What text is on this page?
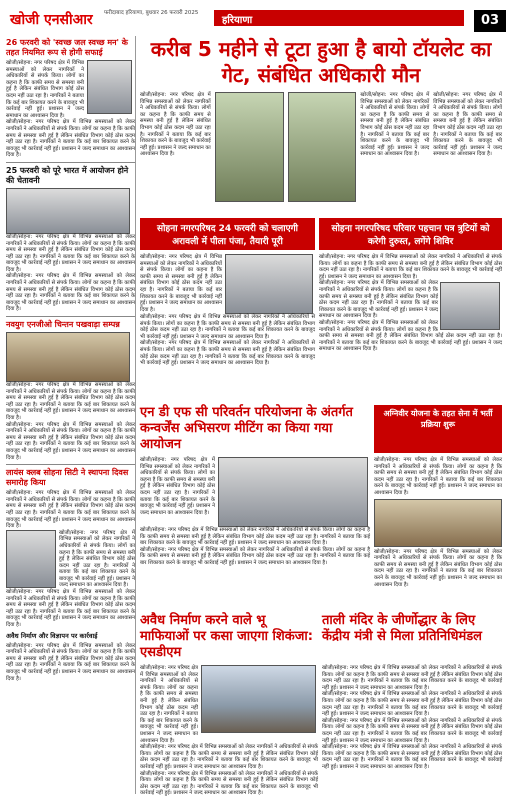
खोजी एनसीआर फरीदाबाद हरियाणा, बुधवार 26 फरवरी 2025
हरियाणा	03
26 फरवरी को 'स्वच्छ जल स्वच्छ मन' के तहत नियमित रूप से होगी सफाई
खोजी/सोहना: नगर परिषद क्षेत्र में विभिन्न समस्याओं को लेकर नागरिकों ने अधिकारियों से संपर्क किया। लोगों का कहना है कि काफी समय से समस्या बनी हुई है लेकिन संबंधित विभाग कोई ठोस कदम नहीं उठा रहा है। नागरिकों ने बताया कि कई बार शिकायत करने के बावजूद भी कार्रवाई नहीं हुई। प्रशासन ने जल्द समाधान का आश्वासन दिया है।
खोजी/सोहना: नगर परिषद क्षेत्र में विभिन्न समस्याओं को लेकर नागरिकों ने अधिकारियों से संपर्क किया। लोगों का कहना है कि काफी समय से समस्या बनी हुई है लेकिन संबंधित विभाग कोई ठोस कदम नहीं उठा रहा है। नागरिकों ने बताया कि कई बार शिकायत करने के बावजूद भी कार्रवाई नहीं हुई। प्रशासन ने जल्द समाधान का आश्वासन दिया है।
25 फरवरी को पूरे भारत में आयोजन होने की चेतावनी
खोजी/सोहना: नगर परिषद क्षेत्र में विभिन्न समस्याओं को लेकर नागरिकों ने अधिकारियों से संपर्क किया। लोगों का कहना है कि काफी समय से समस्या बनी हुई है लेकिन संबंधित विभाग कोई ठोस कदम नहीं उठा रहा है। नागरिकों ने बताया कि कई बार शिकायत करने के बावजूद भी कार्रवाई नहीं हुई। प्रशासन ने जल्द समाधान का आश्वासन दिया है।
खोजी/सोहना: नगर परिषद क्षेत्र में विभिन्न समस्याओं को लेकर नागरिकों ने अधिकारियों से संपर्क किया। लोगों का कहना है कि काफी समय से समस्या बनी हुई है लेकिन संबंधित विभाग कोई ठोस कदम नहीं उठा रहा है। नागरिकों ने बताया कि कई बार शिकायत करने के बावजूद भी कार्रवाई नहीं हुई। प्रशासन ने जल्द समाधान का आश्वासन दिया है।
नवयुग एनजीओ चिन्तन पखवाड़ा सम्पन्न
खोजी/सोहना: नगर परिषद क्षेत्र में विभिन्न समस्याओं को लेकर नागरिकों ने अधिकारियों से संपर्क किया। लोगों का कहना है कि काफी समय से समस्या बनी हुई है लेकिन संबंधित विभाग कोई ठोस कदम नहीं उठा रहा है। नागरिकों ने बताया कि कई बार शिकायत करने के बावजूद भी कार्रवाई नहीं हुई। प्रशासन ने जल्द समाधान का आश्वासन दिया है।
खोजी/सोहना: नगर परिषद क्षेत्र में विभिन्न समस्याओं को लेकर नागरिकों ने अधिकारियों से संपर्क किया। लोगों का कहना है कि काफी समय से समस्या बनी हुई है लेकिन संबंधित विभाग कोई ठोस कदम नहीं उठा रहा है। नागरिकों ने बताया कि कई बार शिकायत करने के बावजूद भी कार्रवाई नहीं हुई। प्रशासन ने जल्द समाधान का आश्वासन दिया है।
लायंस क्लब सोहना सिटी ने स्थापना दिवस समारोह किया
खोजी/सोहना: नगर परिषद क्षेत्र में विभिन्न समस्याओं को लेकर नागरिकों ने अधिकारियों से संपर्क किया। लोगों का कहना है कि काफी समय से समस्या बनी हुई है लेकिन संबंधित विभाग कोई ठोस कदम नहीं उठा रहा है। नागरिकों ने बताया कि कई बार शिकायत करने के बावजूद भी कार्रवाई नहीं हुई। प्रशासन ने जल्द समाधान का आश्वासन दिया है।
खोजी/सोहना: नगर परिषद क्षेत्र में विभिन्न समस्याओं को लेकर नागरिकों ने अधिकारियों से संपर्क किया। लोगों का कहना है कि काफी समय से समस्या बनी हुई है लेकिन संबंधित विभाग कोई ठोस कदम नहीं उठा रहा है। नागरिकों ने बताया कि कई बार शिकायत करने के बावजूद भी कार्रवाई नहीं हुई। प्रशासन ने जल्द समाधान का आश्वासन दिया है।
खोजी/सोहना: नगर परिषद क्षेत्र में विभिन्न समस्याओं को लेकर नागरिकों ने अधिकारियों से संपर्क किया। लोगों का कहना है कि काफी समय से समस्या बनी हुई है लेकिन संबंधित विभाग कोई ठोस कदम नहीं उठा रहा है। नागरिकों ने बताया कि कई बार शिकायत करने के बावजूद भी कार्रवाई नहीं हुई। प्रशासन ने जल्द समाधान का आश्वासन दिया है।
अवैध निर्माण और विज्ञापन पर कार्रवाई
खोजी/सोहना: नगर परिषद क्षेत्र में विभिन्न समस्याओं को लेकर नागरिकों ने अधिकारियों से संपर्क किया। लोगों का कहना है कि काफी समय से समस्या बनी हुई है लेकिन संबंधित विभाग कोई ठोस कदम नहीं उठा रहा है। नागरिकों ने बताया कि कई बार शिकायत करने के बावजूद भी कार्रवाई नहीं हुई। प्रशासन ने जल्द समाधान का आश्वासन दिया है।
करीब 5 महीने से टूटा हुआ है बायो टॉयलेट का गेट, संबंधित अधिकारी मौन
खोजी/सोहना: नगर परिषद क्षेत्र में विभिन्न समस्याओं को लेकर नागरिकों ने अधिकारियों से संपर्क किया। लोगों का कहना है कि काफी समय से समस्या बनी हुई है लेकिन संबंधित विभाग कोई ठोस कदम नहीं उठा रहा है। नागरिकों ने बताया कि कई बार शिकायत करने के बावजूद भी कार्रवाई नहीं हुई। प्रशासन ने जल्द समाधान का आश्वासन दिया है।
खोजी/सोहना: नगर परिषद क्षेत्र में विभिन्न समस्याओं को लेकर नागरिकों ने अधिकारियों से संपर्क किया। लोगों का कहना है कि काफी समय से समस्या बनी हुई है लेकिन संबंधित विभाग कोई ठोस कदम नहीं उठा रहा है। नागरिकों ने बताया कि कई बार शिकायत करने के बावजूद भी कार्रवाई नहीं हुई। प्रशासन ने जल्द समाधान का आश्वासन दिया है।
खोजी/सोहना: नगर परिषद क्षेत्र में विभिन्न समस्याओं को लेकर नागरिकों ने अधिकारियों से संपर्क किया। लोगों का कहना है कि काफी समय से समस्या बनी हुई है लेकिन संबंधित विभाग कोई ठोस कदम नहीं उठा रहा है। नागरिकों ने बताया कि कई बार शिकायत करने के बावजूद भी कार्रवाई नहीं हुई। प्रशासन ने जल्द समाधान का आश्वासन दिया है।
सोहना नगरपरिषद 24 फरवरी को चलाएगी अरावली में पीला पंजा, तैयारी पूरी
सोहना नगरपरिषद परिवार पहचान पत्र त्रुटियों को करेगी दुरुस्त, लगेंगे शिविर
खोजी/सोहना: नगर परिषद क्षेत्र में विभिन्न समस्याओं को लेकर नागरिकों ने अधिकारियों से संपर्क किया। लोगों का कहना है कि काफी समय से समस्या बनी हुई है लेकिन संबंधित विभाग कोई ठोस कदम नहीं उठा रहा है। नागरिकों ने बताया कि कई बार शिकायत करने के बावजूद भी कार्रवाई नहीं हुई। प्रशासन ने जल्द समाधान का आश्वासन दिया है।
खोजी/सोहना: नगर परिषद क्षेत्र में विभिन्न समस्याओं को लेकर नागरिकों ने अधिकारियों से संपर्क किया। लोगों का कहना है कि काफी समय से समस्या बनी हुई है लेकिन संबंधित विभाग कोई ठोस कदम नहीं उठा रहा है। नागरिकों ने बताया कि कई बार शिकायत करने के बावजूद भी कार्रवाई नहीं हुई। प्रशासन ने जल्द समाधान का आश्वासन दिया है।
खोजी/सोहना: नगर परिषद क्षेत्र में विभिन्न समस्याओं को लेकर नागरिकों ने अधिकारियों से संपर्क किया। लोगों का कहना है कि काफी समय से समस्या बनी हुई है लेकिन संबंधित विभाग कोई ठोस कदम नहीं उठा रहा है। नागरिकों ने बताया कि कई बार शिकायत करने के बावजूद भी कार्रवाई नहीं हुई। प्रशासन ने जल्द समाधान का आश्वासन दिया है।
खोजी/सोहना: नगर परिषद क्षेत्र में विभिन्न समस्याओं को लेकर नागरिकों ने अधिकारियों से संपर्क किया। लोगों का कहना है कि काफी समय से समस्या बनी हुई है लेकिन संबंधित विभाग कोई ठोस कदम नहीं उठा रहा है। नागरिकों ने बताया कि कई बार शिकायत करने के बावजूद भी कार्रवाई नहीं हुई। प्रशासन ने जल्द समाधान का आश्वासन दिया है।
खोजी/सोहना: नगर परिषद क्षेत्र में विभिन्न समस्याओं को लेकर नागरिकों ने अधिकारियों से संपर्क किया। लोगों का कहना है कि काफी समय से समस्या बनी हुई है लेकिन संबंधित विभाग कोई ठोस कदम नहीं उठा रहा है। नागरिकों ने बताया कि कई बार शिकायत करने के बावजूद भी कार्रवाई नहीं हुई। प्रशासन ने जल्द समाधान का आश्वासन दिया है।
खोजी/सोहना: नगर परिषद क्षेत्र में विभिन्न समस्याओं को लेकर नागरिकों ने अधिकारियों से संपर्क किया। लोगों का कहना है कि काफी समय से समस्या बनी हुई है लेकिन संबंधित विभाग कोई ठोस कदम नहीं उठा रहा है। नागरिकों ने बताया कि कई बार शिकायत करने के बावजूद भी कार्रवाई नहीं हुई। प्रशासन ने जल्द समाधान का आश्वासन दिया है।
एन डी एफ सी परिवर्तन परियोजना के अंतर्गत कन्वर्जेंस अभिसरण मीटिंग का किया गया आयोजन
अग्निवीर योजना के तहत सेना में भर्ती प्रक्रिया शुरू
खोजी/सोहना: नगर परिषद क्षेत्र में विभिन्न समस्याओं को लेकर नागरिकों ने अधिकारियों से संपर्क किया। लोगों का कहना है कि काफी समय से समस्या बनी हुई है लेकिन संबंधित विभाग कोई ठोस कदम नहीं उठा रहा है। नागरिकों ने बताया कि कई बार शिकायत करने के बावजूद भी कार्रवाई नहीं हुई। प्रशासन ने जल्द समाधान का आश्वासन दिया है।
खोजी/सोहना: नगर परिषद क्षेत्र में विभिन्न समस्याओं को लेकर नागरिकों ने अधिकारियों से संपर्क किया। लोगों का कहना है कि काफी समय से समस्या बनी हुई है लेकिन संबंधित विभाग कोई ठोस कदम नहीं उठा रहा है। नागरिकों ने बताया कि कई बार शिकायत करने के बावजूद भी कार्रवाई नहीं हुई। प्रशासन ने जल्द समाधान का आश्वासन दिया है।
खोजी/सोहना: नगर परिषद क्षेत्र में विभिन्न समस्याओं को लेकर नागरिकों ने अधिकारियों से संपर्क किया। लोगों का कहना है कि काफी समय से समस्या बनी हुई है लेकिन संबंधित विभाग कोई ठोस कदम नहीं उठा रहा है। नागरिकों ने बताया कि कई बार शिकायत करने के बावजूद भी कार्रवाई नहीं हुई। प्रशासन ने जल्द समाधान का आश्वासन दिया है।
खोजी/सोहना: नगर परिषद क्षेत्र में विभिन्न समस्याओं को लेकर नागरिकों ने अधिकारियों से संपर्क किया। लोगों का कहना है कि काफी समय से समस्या बनी हुई है लेकिन संबंधित विभाग कोई ठोस कदम नहीं उठा रहा है। नागरिकों ने बताया कि कई बार शिकायत करने के बावजूद भी कार्रवाई नहीं हुई। प्रशासन ने जल्द समाधान का आश्वासन दिया है।
खोजी/सोहना: नगर परिषद क्षेत्र में विभिन्न समस्याओं को लेकर नागरिकों ने अधिकारियों से संपर्क किया। लोगों का कहना है कि काफी समय से समस्या बनी हुई है लेकिन संबंधित विभाग कोई ठोस कदम नहीं उठा रहा है। नागरिकों ने बताया कि कई बार शिकायत करने के बावजूद भी कार्रवाई नहीं हुई। प्रशासन ने जल्द समाधान का आश्वासन दिया है।
अवैध निर्माण करने वाले भू माफियाओं पर कसा जाएगा शिकंजा: एसडीएम
ताली मंदिर के जीर्णोद्धार के लिए केंद्रीय मंत्री से मिला प्रतिनिधिमंडल
खोजी/सोहना: नगर परिषद क्षेत्र में विभिन्न समस्याओं को लेकर नागरिकों ने अधिकारियों से संपर्क किया। लोगों का कहना है कि काफी समय से समस्या बनी हुई है लेकिन संबंधित विभाग कोई ठोस कदम नहीं उठा रहा है। नागरिकों ने बताया कि कई बार शिकायत करने के बावजूद भी कार्रवाई नहीं हुई। प्रशासन ने जल्द समाधान का आश्वासन दिया है।
खोजी/सोहना: नगर परिषद क्षेत्र में विभिन्न समस्याओं को लेकर नागरिकों ने अधिकारियों से संपर्क किया। लोगों का कहना है कि काफी समय से समस्या बनी हुई है लेकिन संबंधित विभाग कोई ठोस कदम नहीं उठा रहा है। नागरिकों ने बताया कि कई बार शिकायत करने के बावजूद भी कार्रवाई नहीं हुई। प्रशासन ने जल्द समाधान का आश्वासन दिया है।
खोजी/सोहना: नगर परिषद क्षेत्र में विभिन्न समस्याओं को लेकर नागरिकों ने अधिकारियों से संपर्क किया। लोगों का कहना है कि काफी समय से समस्या बनी हुई है लेकिन संबंधित विभाग कोई ठोस कदम नहीं उठा रहा है। नागरिकों ने बताया कि कई बार शिकायत करने के बावजूद भी कार्रवाई नहीं हुई। प्रशासन ने जल्द समाधान का आश्वासन दिया है।
खोजी/सोहना: नगर परिषद क्षेत्र में विभिन्न समस्याओं को लेकर नागरिकों ने अधिकारियों से संपर्क किया। लोगों का कहना है कि काफी समय से समस्या बनी हुई है लेकिन संबंधित विभाग कोई ठोस कदम नहीं उठा रहा है। नागरिकों ने बताया कि कई बार शिकायत करने के बावजूद भी कार्रवाई नहीं हुई। प्रशासन ने जल्द समाधान का आश्वासन दिया है।
खोजी/सोहना: नगर परिषद क्षेत्र में विभिन्न समस्याओं को लेकर नागरिकों ने अधिकारियों से संपर्क किया। लोगों का कहना है कि काफी समय से समस्या बनी हुई है लेकिन संबंधित विभाग कोई ठोस कदम नहीं उठा रहा है। नागरिकों ने बताया कि कई बार शिकायत करने के बावजूद भी कार्रवाई नहीं हुई। प्रशासन ने जल्द समाधान का आश्वासन दिया है।
खोजी/सोहना: नगर परिषद क्षेत्र में विभिन्न समस्याओं को लेकर नागरिकों ने अधिकारियों से संपर्क किया। लोगों का कहना है कि काफी समय से समस्या बनी हुई है लेकिन संबंधित विभाग कोई ठोस कदम नहीं उठा रहा है। नागरिकों ने बताया कि कई बार शिकायत करने के बावजूद भी कार्रवाई नहीं हुई। प्रशासन ने जल्द समाधान का आश्वासन दिया है।
खोजी/सोहना: नगर परिषद क्षेत्र में विभिन्न समस्याओं को लेकर नागरिकों ने अधिकारियों से संपर्क किया। लोगों का कहना है कि काफी समय से समस्या बनी हुई है लेकिन संबंधित विभाग कोई ठोस कदम नहीं उठा रहा है। नागरिकों ने बताया कि कई बार शिकायत करने के बावजूद भी कार्रवाई नहीं हुई। प्रशासन ने जल्द समाधान का आश्वासन दिया है।
